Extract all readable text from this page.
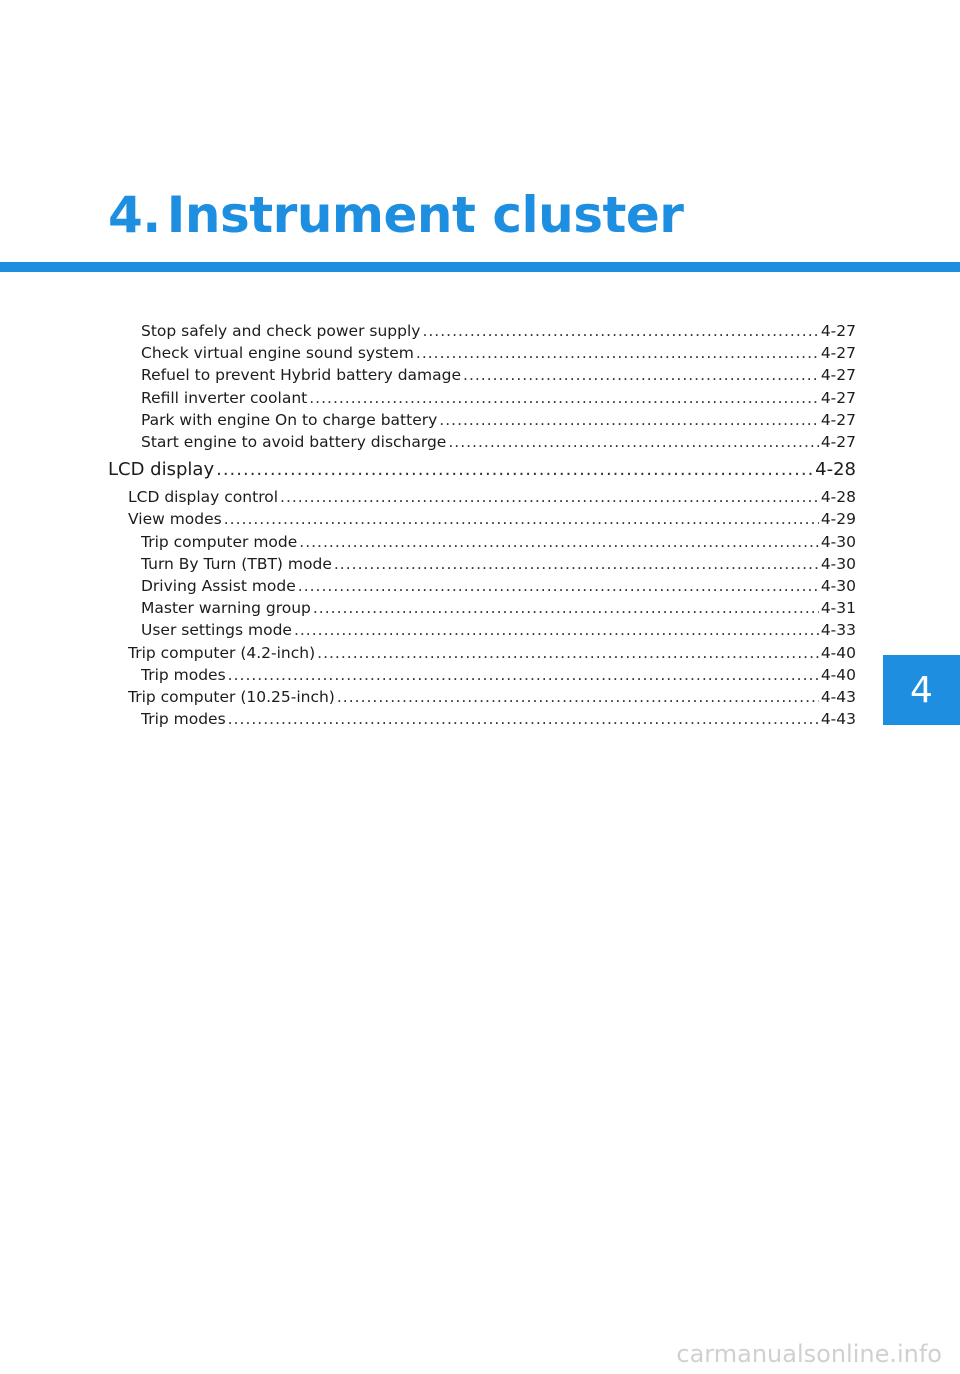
4. Instrument cluster
Stop safely and check power supply .....	4-27
Check virtual engine sound system .....	4-27
Refuel to prevent Hybrid battery damage .....	4-27
Refill inverter coolant .....	4-27
Park with engine On to charge battery .....	4-27
Start engine to avoid battery discharge .....	4-27
LCD display .....	4-28
LCD display control .....	4-28
View modes .....	4-29
Trip computer mode .....	4-30
Turn By Turn (TBT) mode .....	4-30
Driving Assist mode .....	4-30
Master warning group .....	4-31
User settings mode .....	4-33
Trip computer (4.2-inch) .....	4-40
Trip modes .....	4-40
Trip computer (10.25-inch) .....	4-43
Trip modes .....	4-43
4
carmanualsonline.info
